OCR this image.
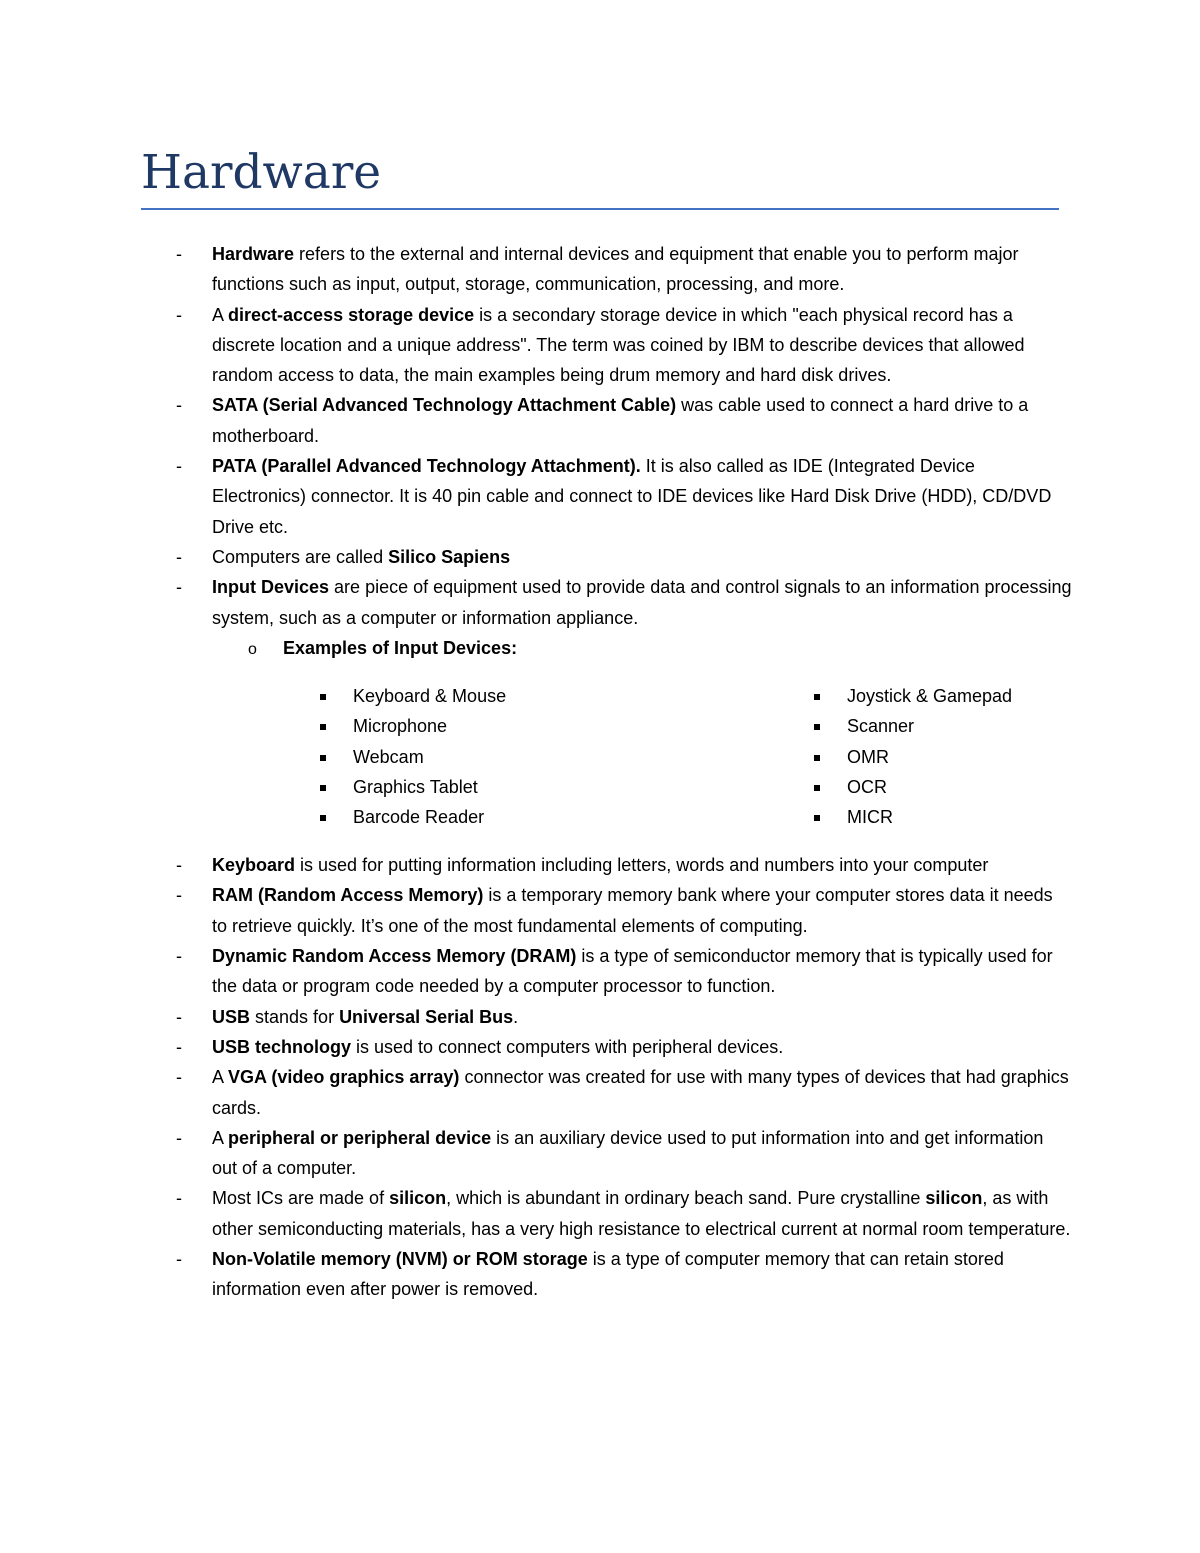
Hardware
- Hardware refers to the external and internal devices and equipment that enable you to perform major functions such as input, output, storage, communication, processing, and more.
- A direct-access storage device is a secondary storage device in which "each physical record has a discrete location and a unique address". The term was coined by IBM to describe devices that allowed random access to data, the main examples being drum memory and hard disk drives.
- SATA (Serial Advanced Technology Attachment Cable) was cable used to connect a hard drive to a motherboard.
- PATA (Parallel Advanced Technology Attachment). It is also called as IDE (Integrated Device Electronics) connector. It is 40 pin cable and connect to IDE devices like Hard Disk Drive (HDD), CD/DVD Drive etc.
- Computers are called Silico Sapiens
- Input Devices are piece of equipment used to provide data and control signals to an information processing system, such as a computer or information appliance.
o Examples of Input Devices:
Keyboard & Mouse
Microphone
Webcam
Graphics Tablet
Barcode Reader
Joystick & Gamepad
Scanner
OMR
OCR
MICR
- Keyboard is used for putting information including letters, words and numbers into your computer
- RAM (Random Access Memory) is a temporary memory bank where your computer stores data it needs to retrieve quickly. It’s one of the most fundamental elements of computing.
- Dynamic Random Access Memory (DRAM) is a type of semiconductor memory that is typically used for the data or program code needed by a computer processor to function.
- USB stands for Universal Serial Bus.
- USB technology is used to connect computers with peripheral devices.
- A VGA (video graphics array) connector was created for use with many types of devices that had graphics cards.
- A peripheral or peripheral device is an auxiliary device used to put information into and get information out of a computer.
- Most ICs are made of silicon, which is abundant in ordinary beach sand. Pure crystalline silicon, as with other semiconducting materials, has a very high resistance to electrical current at normal room temperature.
- Non-Volatile memory (NVM) or ROM storage is a type of computer memory that can retain stored information even after power is removed.
